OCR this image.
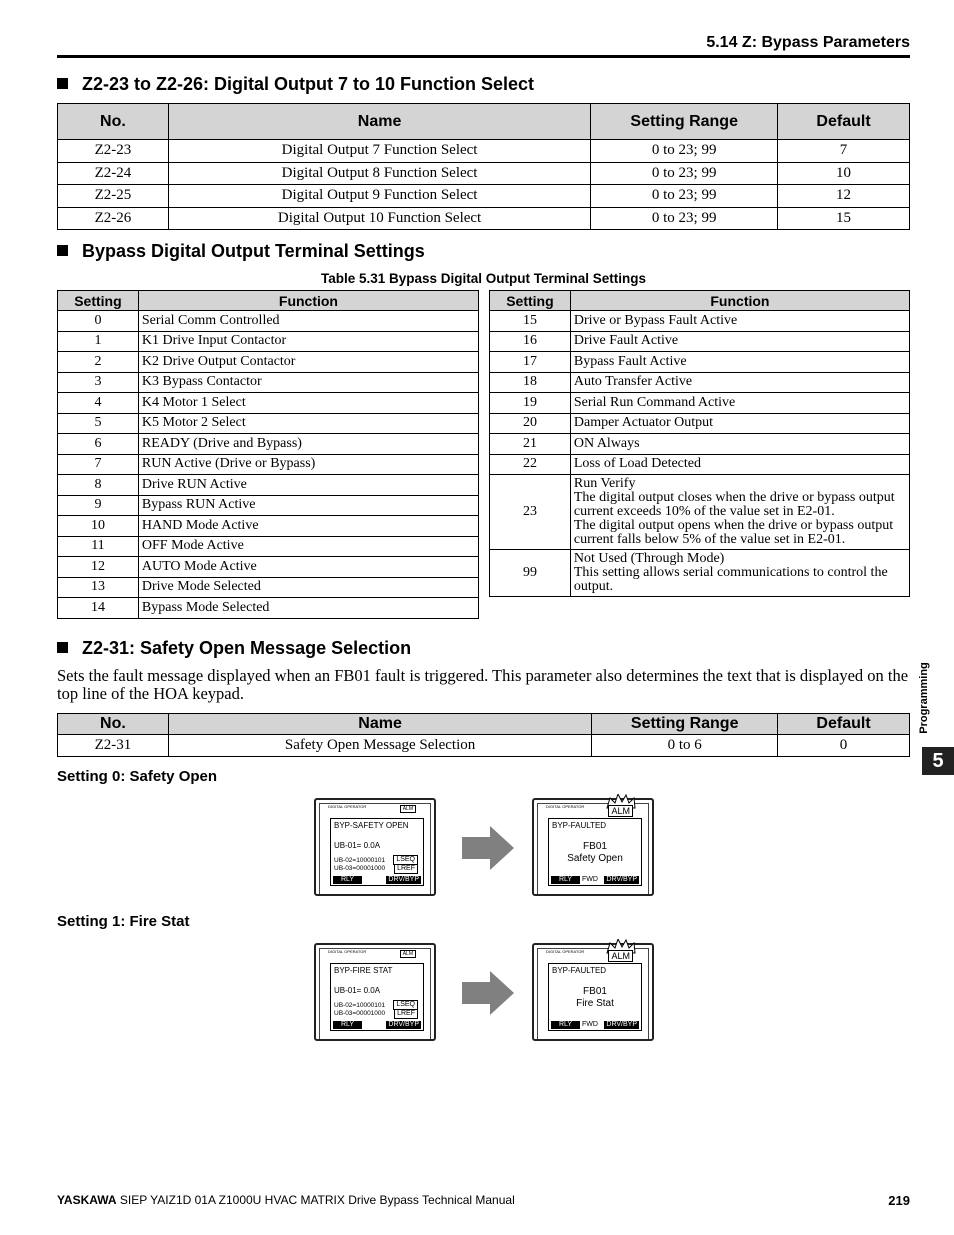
5.14 Z: Bypass Parameters
Z2-23 to Z2-26: Digital Output 7 to 10 Function Select
No.	Name	Setting Range	Default
Z2-23	Digital Output 7 Function Select	0 to 23; 99	7
Z2-24	Digital Output 8 Function Select	0 to 23; 99	10
Z2-25	Digital Output 9 Function Select	0 to 23; 99	12
Z2-26	Digital Output 10 Function Select	0 to 23; 99	15
Bypass Digital Output Terminal Settings
Table 5.31 Bypass Digital Output Terminal Settings
Setting	Function
0	Serial Comm Controlled
1	K1 Drive Input Contactor
2	K2 Drive Output Contactor
3	K3 Bypass Contactor
4	K4 Motor 1 Select
5	K5 Motor 2 Select
6	READY (Drive and Bypass)
7	RUN Active (Drive or Bypass)
8	Drive RUN Active
9	Bypass RUN Active
10	HAND Mode Active
11	OFF Mode Active
12	AUTO Mode Active
13	Drive Mode Selected
14	Bypass Mode Selected
Setting	Function
15	Drive or Bypass Fault Active
16	Drive Fault Active
17	Bypass Fault Active
18	Auto Transfer Active
19	Serial Run Command Active
20	Damper Actuator Output
21	ON Always
22	Loss of Load Detected
23	Run Verify
The digital output closes when the drive or bypass output current exceeds 10% of the value set in E2-01.
The digital output opens when the drive or bypass output current falls below 5% of the value set in E2-01.

99	Not Used (Through Mode)
This setting allows serial communications to control the output.
Z2-31: Safety Open Message Selection
Sets the fault message displayed when an FB01 fault is triggered. This parameter also determines the text that is displayed on the top line of the HOA keypad.
No.	Name	Setting Range	Default
Z2-31	Safety Open Message Selection	0 to 6	0
Setting 0: Safety Open
DIGITAL OPERATOR	ALM
BYP-SAFETY OPEN
UB-01= 0.0A
UB-02=10000101
UB-03=00001000
LSEQ
LREF
RLY	DRV/BYP
DIGITAL OPERATOR	ALM
BYP-FAULTED
FB01
Safety Open
RLY	FWD DRV/BYP
Setting 1: Fire Stat
DIGITAL OPERATOR	ALM
BYP-FIRE STAT
UB-01= 0.0A
UB-02=10000101
UB-03=00001000
LSEQ
LREF
RLY	DRV/BYP
DIGITAL OPERATOR	ALM
BYP-FAULTED
FB01
Fire Stat
RLY	FWD DRV/BYP
Programming
5
YASKAWA SIEP YAIZ1D 01A Z1000U HVAC MATRIX Drive Bypass Technical Manual	219
